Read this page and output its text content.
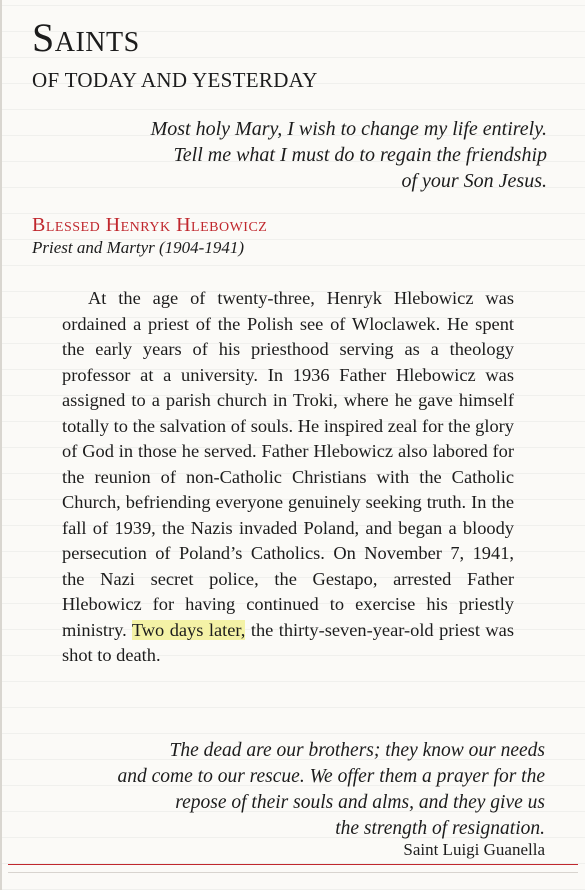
Saints
OF TODAY AND YESTERDAY
Most holy Mary, I wish to change my life entirely.
Tell me what I must do to regain the friendship
of your Son Jesus.
Blessed Henryk Hlebowicz
Priest and Martyr (1904-1941)
At the age of twenty-three, Henryk Hlebowicz was ordained a priest of the Polish see of Wloclawek. He spent the early years of his priesthood serving as a theology professor at a university. In 1936 Father Hlebowicz was assigned to a parish church in Troki, where he gave himself totally to the salvation of souls. He inspired zeal for the glory of God in those he served. Father Hlebowicz also labored for the reunion of non-Catholic Christians with the Catholic Church, befriending everyone genuinely seeking truth. In the fall of 1939, the Nazis invaded Poland, and began a bloody persecution of Poland’s Catholics. On November 7, 1941, the Nazi secret police, the Gestapo, arrested Father Hlebowicz for having continued to exercise his priestly ministry. Two days later, the thirty-seven-year-old priest was shot to death.
The dead are our brothers; they know our needs
and come to our rescue. We offer them a prayer for the
repose of their souls and alms, and they give us
the strength of resignation.
Saint Luigi Guanella
